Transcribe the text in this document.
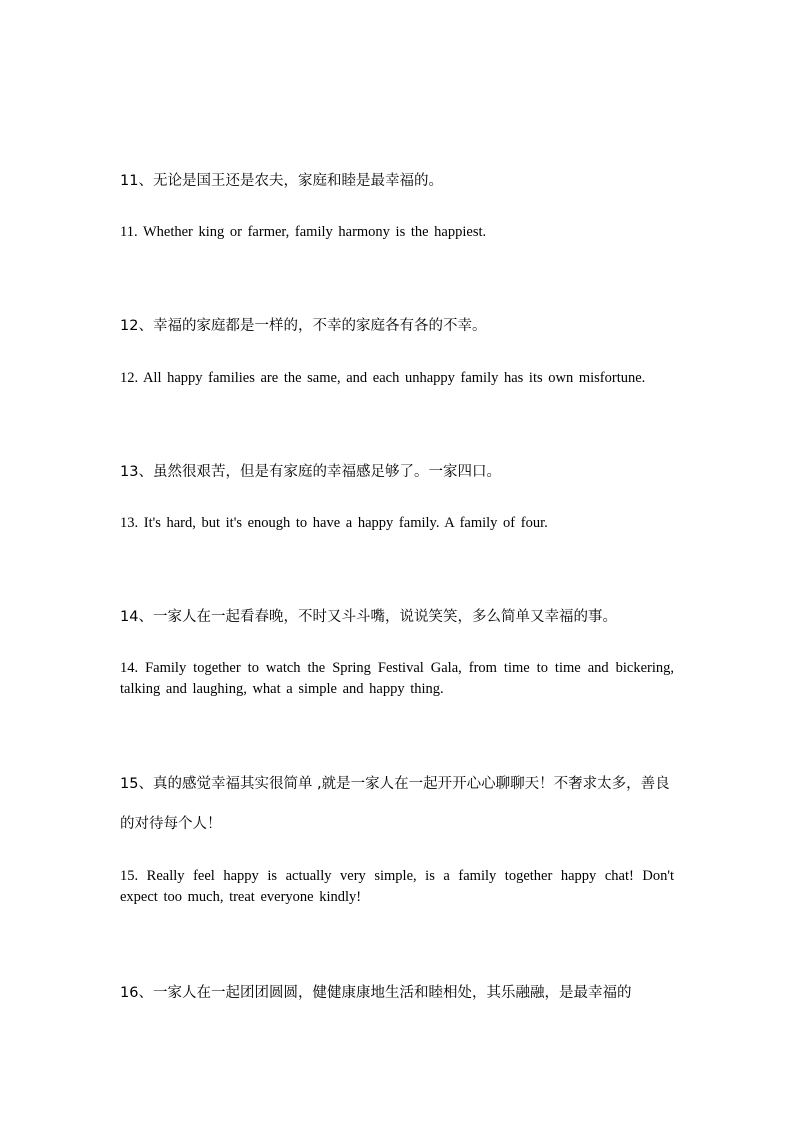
11、无论是国王还是农夫，家庭和睦是最幸福的。
11. Whether king or farmer, family harmony is the happiest.
12、幸福的家庭都是一样的，不幸的家庭各有各的不幸。
12. All happy families are the same, and each unhappy family has its own misfortune.
13、虽然很艰苦，但是有家庭的幸福感足够了。一家四口。
13. It's hard, but it's enough to have a happy family. A family of four.
14、一家人在一起看春晚，不时又斗斗嘴，说说笑笑，多么简单又幸福的事。
14. Family together to watch the Spring Festival Gala, from time to time and bickering, talking and laughing, what a simple and happy thing.
15、真的感觉幸福其实很简单 ,就是一家人在一起开开心心聊聊天！不奢求太多，善良的对待每个人！
15. Really feel happy is actually very simple, is a family together happy chat! Don't expect too much, treat everyone kindly!
16、一家人在一起团团圆圆，健健康康地生活和睦相处，其乐融融，是最幸福的
